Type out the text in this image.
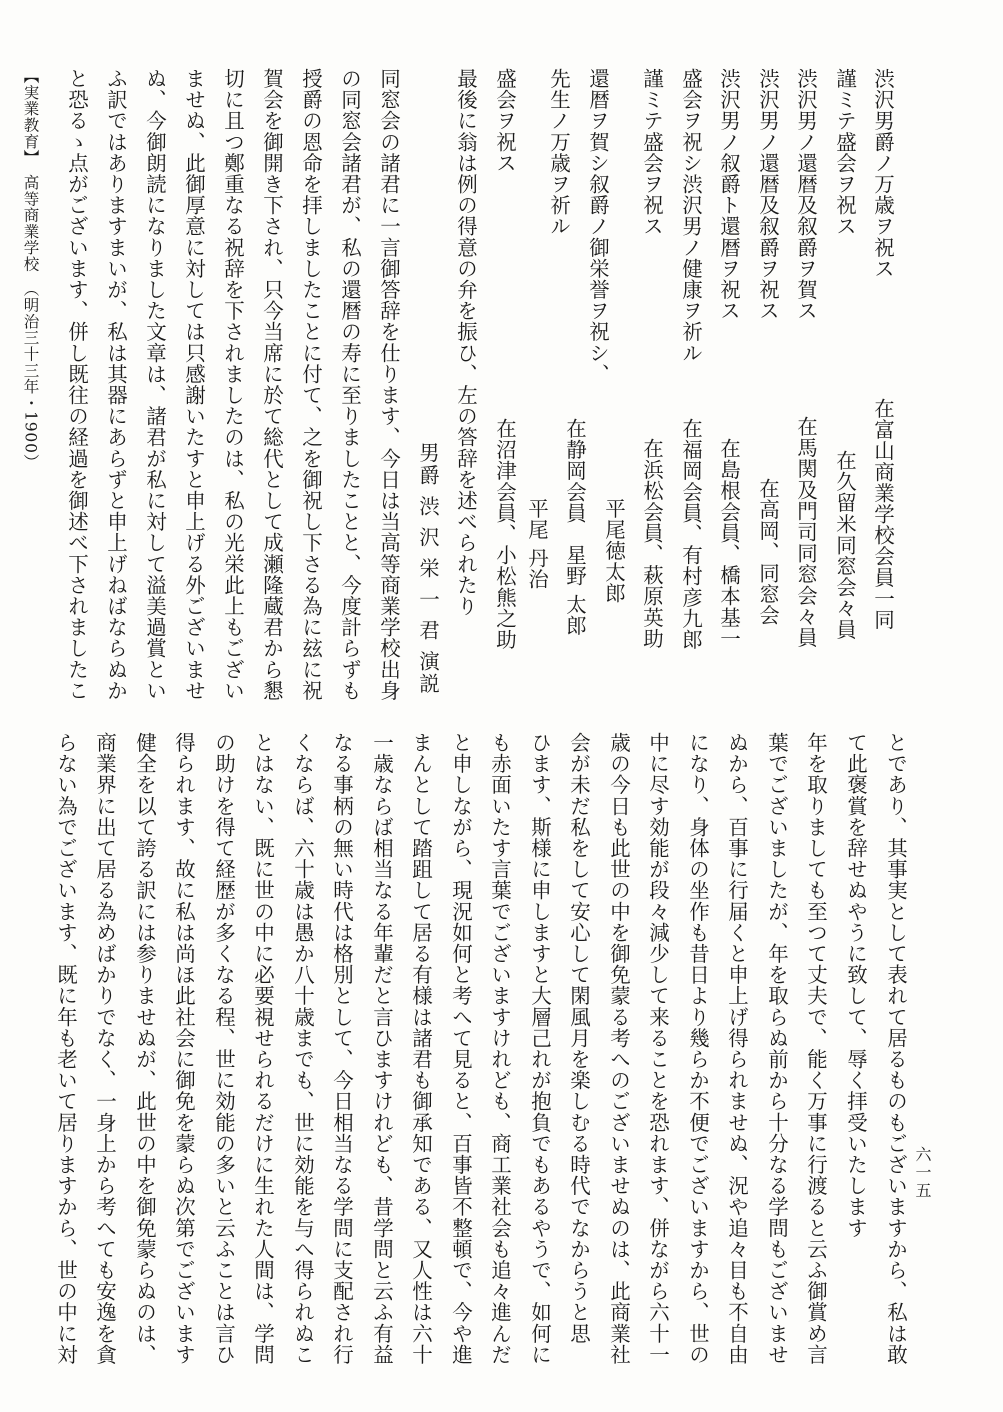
六一五
とであり、其事実として表れて居るものもございますから、私は敢
て此褒賞を辞せぬやうに致して、辱く拝受いたします
年を取りましても至つて丈夫で、能く万事に行渡ると云ふ御賞め言
葉でございましたが、年を取らぬ前から十分なる学問もございませ
ぬから、百事に行届くと申上げ得られませぬ、況や追々目も不自由
になり、身体の坐作も昔日より幾らか不便でございますから、世の
中に尽す効能が段々減少して来ることを恐れます、併ながら六十一
歳の今日も此世の中を御免蒙る考へのございませぬのは、此商業社
会が未だ私をして安心して閑風月を楽しむる時代でなからうと思
ひます、斯様に申しますと大層己れが抱負でもあるやうで、如何に
も赤面いたす言葉でございますけれども、商工業社会も追々進んだ
と申しながら、現況如何と考へて見ると、百事皆不整頓で、今や進
まんとして踏跙して居る有様は諸君も御承知である、又人性は六十
一歳ならば相当なる年輩だと言ひますけれども、昔学問と云ふ有益
なる事柄の無い時代は格別として、今日相当なる学問に支配され行
くならば、六十歳は愚か八十歳までも、世に効能を与へ得られぬこ
とはない、既に世の中に必要視せられるだけに生れた人間は、学問
の助けを得て経歴が多くなる程、世に効能の多いと云ふことは言ひ
得られます、故に私は尚ほ此社会に御免を蒙らぬ次第でございます
健全を以て誇る訳には参りませぬが、此世の中を御免蒙らぬのは、
商業界に出て居る為めばかりでなく、一身上から考へても安逸を貪
らない為でございます、既に年も老いて居りますから、世の中に対
渋沢男爵ノ万歳ヲ祝ス
謹ミテ盛会ヲ祝ス
渋沢男ノ還暦及叙爵ヲ賀ス
渋沢男ノ還暦及叙爵ヲ祝ス
渋沢男ノ叙爵ト還暦ヲ祝ス
盛会ヲ祝シ渋沢男ノ健康ヲ祈ル
謹ミテ盛会ヲ祝ス
還暦ヲ賀シ叙爵ノ御栄誉ヲ祝シ、
先生ノ万歳ヲ祈ル
盛会ヲ祝ス
在富山商業学校会員一同
在久留米同窓会々員
在馬関及門司同窓会々員
在高岡、同窓会
在島根会員、橋本基一
在福岡会員、有村彦九郎
在浜松会員、萩原英助
平尾徳太郎
在静岡会員　星野 太郎
平尾 丹治
在沼津会員、小松熊之助
最後に翁は例の得意の弁を振ひ、左の答辞を述べられたり
男爵 渋 沢 栄 一 君 演説
同窓会の諸君に一言御答辞を仕ります、今日は当高等商業学校出身
の同窓会諸君が、私の還暦の寿に至りましたことと、今度計らずも
授爵の恩命を拝しましたことに付て、之を御祝し下さる為に玆に祝
賀会を御開き下され、只今当席に於て総代として成瀬隆蔵君から懇
切に且つ鄭重なる祝辞を下されましたのは、私の光栄此上もござい
ませぬ、此御厚意に対しては只感謝いたすと申上げる外ございませ
ぬ、今御朗読になりました文章は、諸君が私に対して溢美過賞とい
ふ訳ではありますまいが、私は其器にあらずと申上げねばならぬか
と恐るゝ点がございます、併し既往の経過を御述べ下されましたこ
【実業教育】　高等商業学校　（明治三十三年・1900）
